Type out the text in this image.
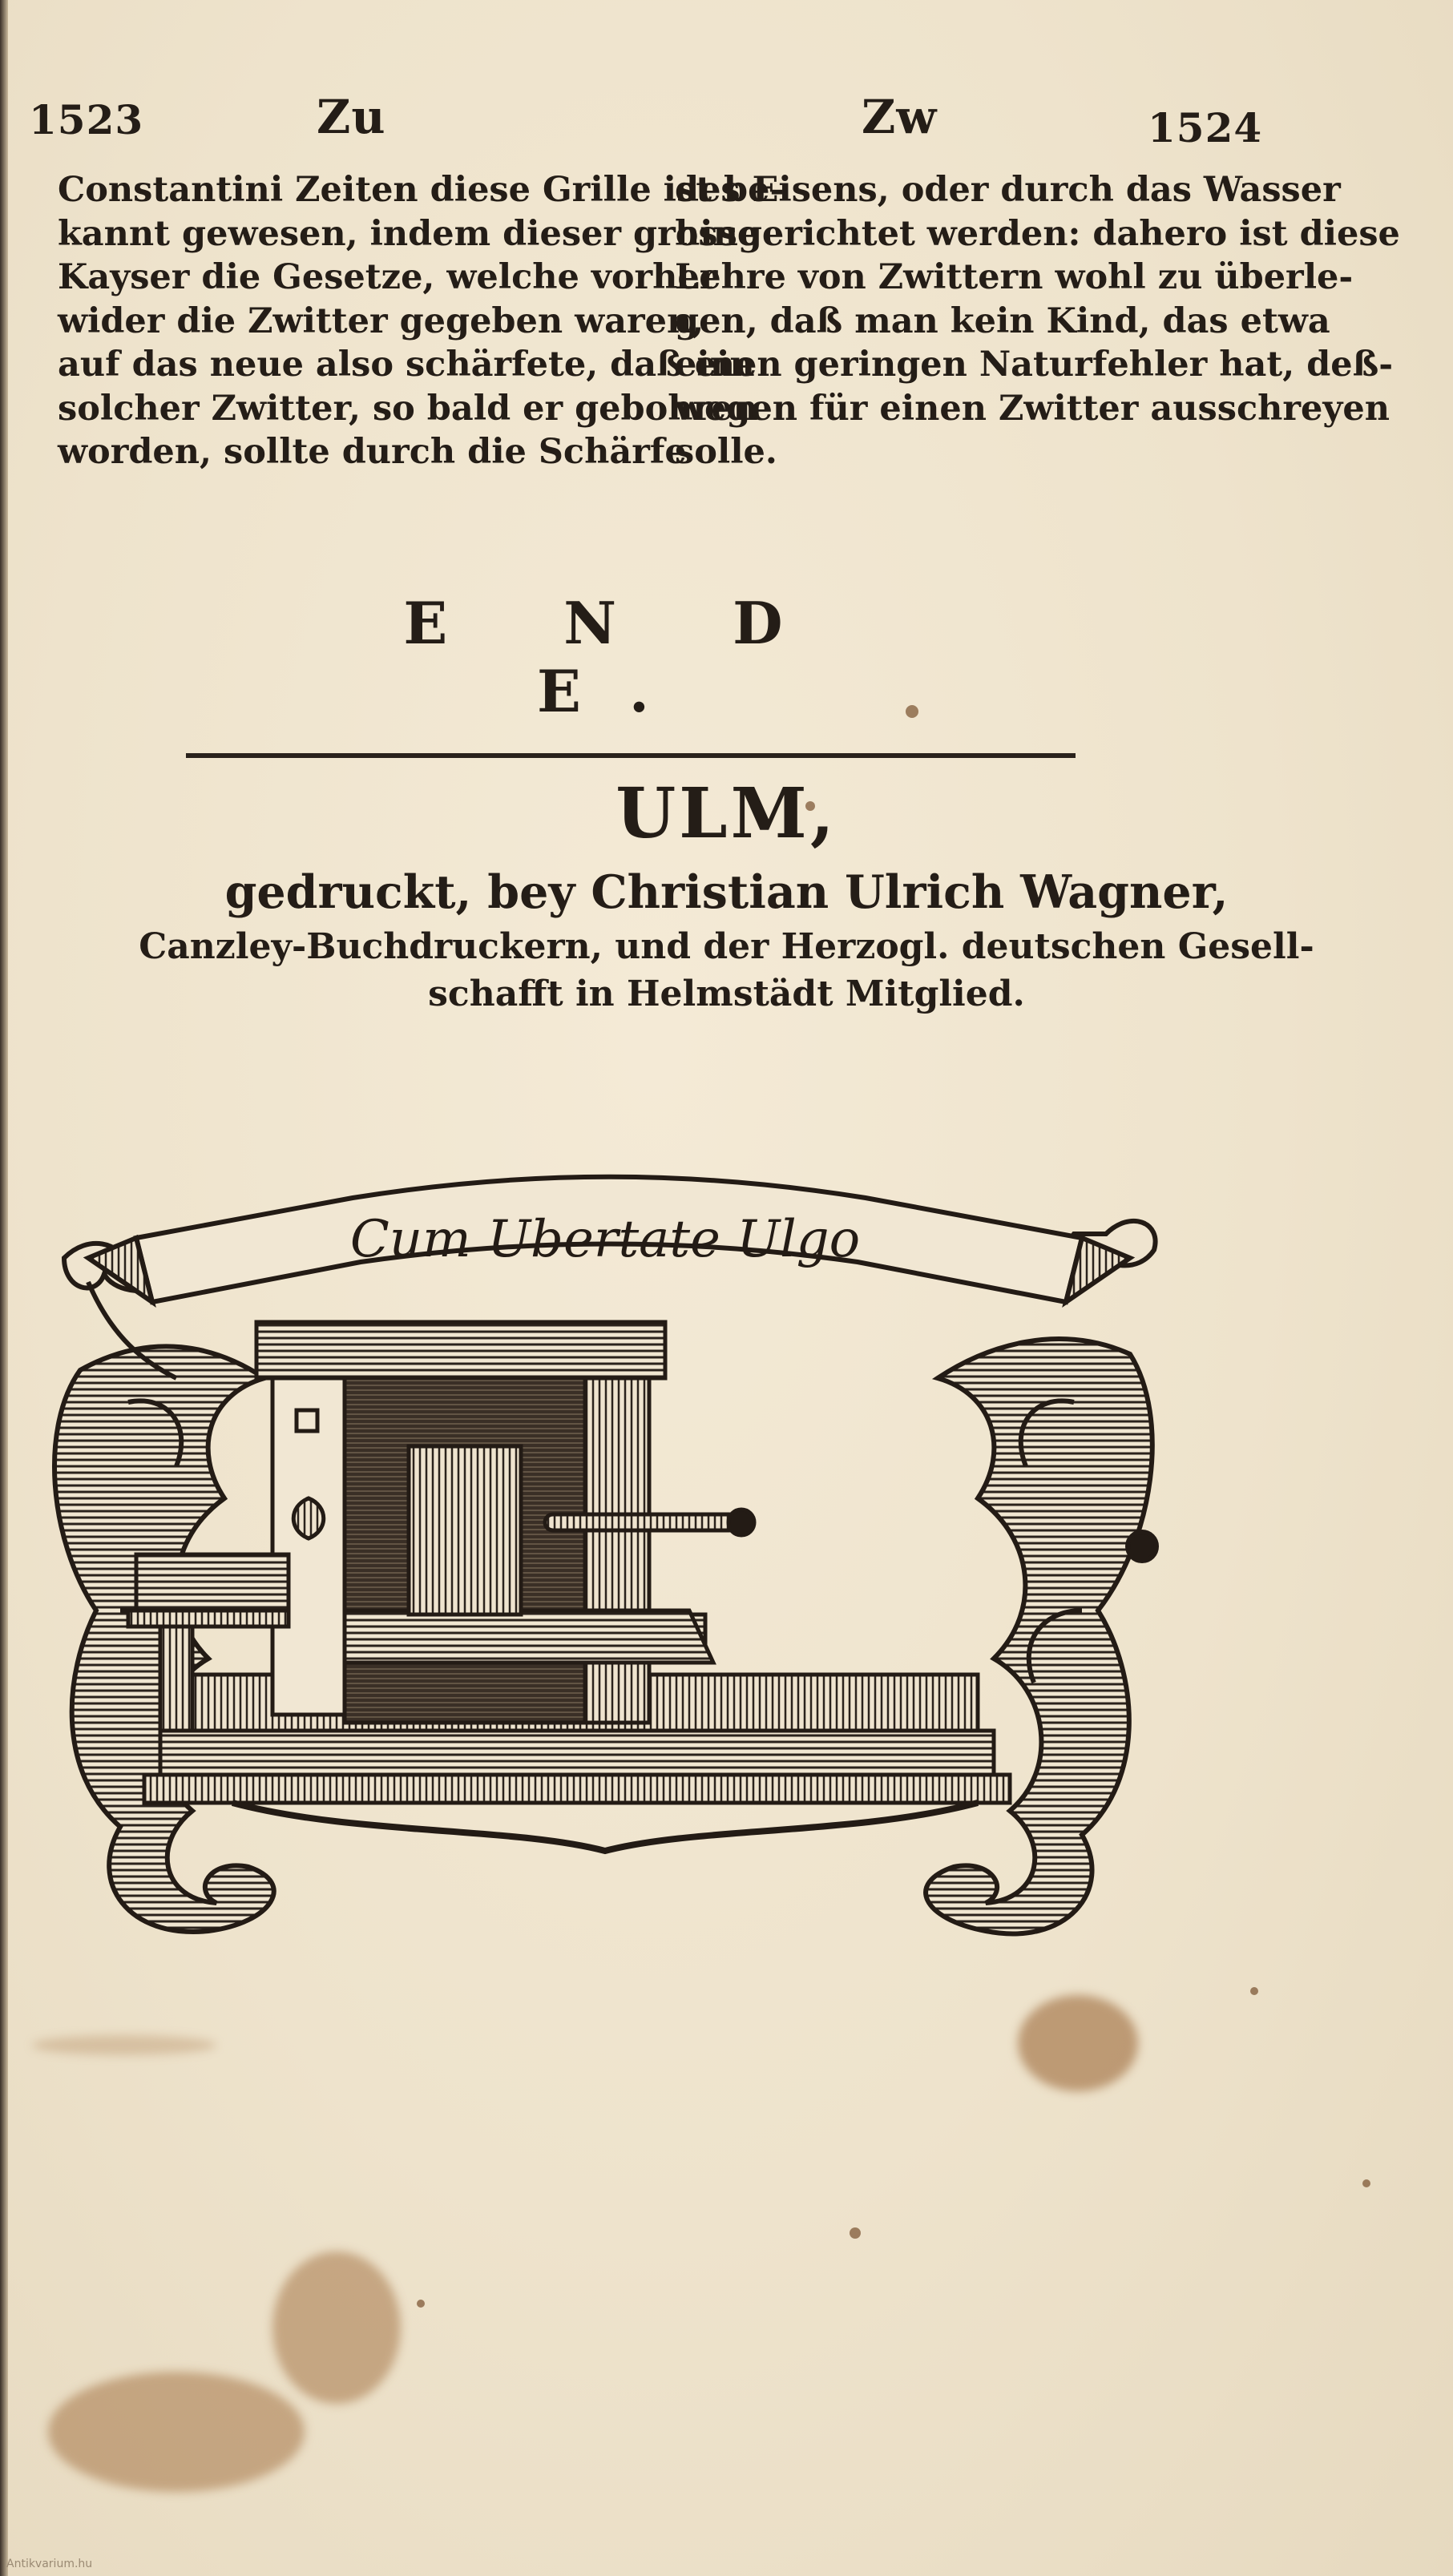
1523	Zu	Zw	1524
Constantini Zeiten diese Grille ist be-
kannt gewesen, indem dieser grosse
Kayser die Gesetze, welche vorher
wider die Zwitter gegeben waren,
auf das neue also schärfete, daß ein
solcher Zwitter, so bald er gebohren
worden, sollte durch die Schärfe
des Eisens, oder durch das Wasser
hingerichtet werden: dahero ist diese
Lehre von Zwittern wohl zu überle-
gen, daß man kein Kind, das etwa
einen geringen Naturfehler hat, deß-
wegen für einen Zwitter ausschreyen
solle.
E N D E.
ULM,
gedruckt, bey Christian Ulrich Wagner,
Canzley-Buchdruckern, und der Herzogl. deutschen Gesell-
schafft in Helmstädt Mitglied.
Cum Ubertate Ulgo
Antikvarium.hu
